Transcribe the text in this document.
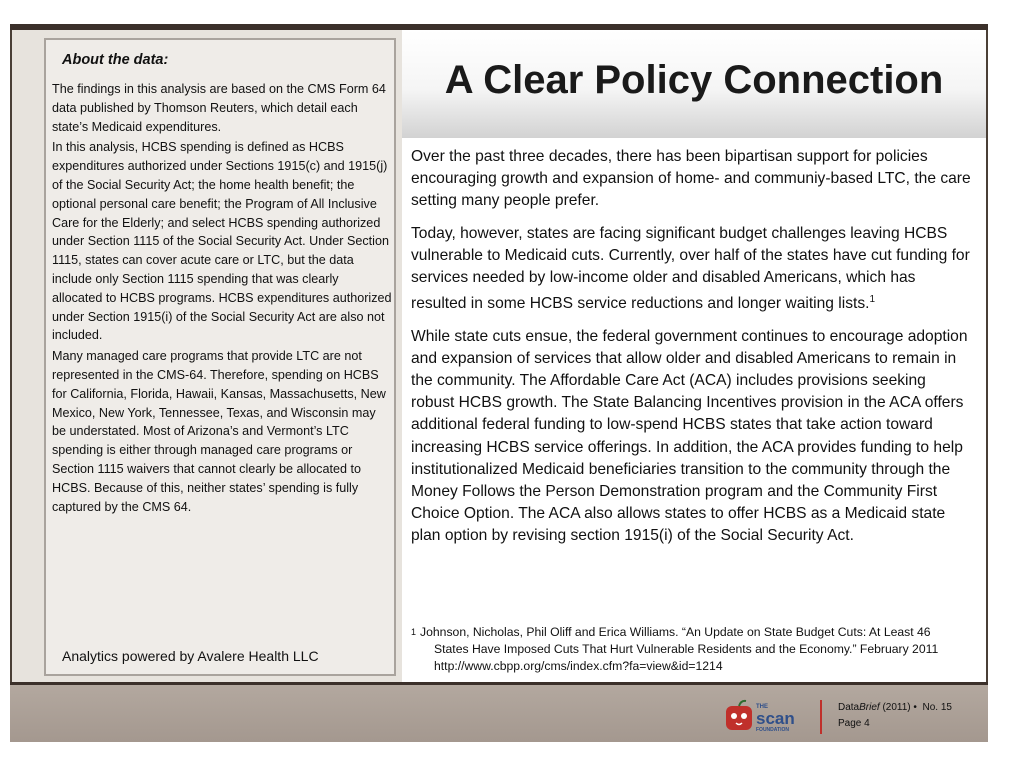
About the data:

The findings in this analysis are based on the CMS Form 64 data published by Thomson Reuters, which detail each state’s Medicaid expenditures.

In this analysis, HCBS spending is defined as HCBS expenditures authorized under Sections 1915(c) and 1915(j) of the Social Security Act; the home health benefit; the optional personal care benefit; the Program of All Inclusive Care for the Elderly; and select HCBS spending authorized under Section 1115 of the Social Security Act. Under Section 1115, states can cover acute care or LTC, but the data include only Section 1115 spending that was clearly allocated to HCBS programs. HCBS expenditures authorized under Section 1915(i) of the Social Security Act are also not included.

Many managed care programs that provide LTC are not represented in the CMS-64. Therefore, spending on HCBS for California, Florida, Hawaii, Kansas, Massachusetts, New Mexico, New York, Tennessee, Texas, and Wisconsin may be understated. Most of Arizona’s and Vermont’s LTC spending is either through managed care programs or Section 1115 waivers that cannot clearly be allocated to HCBS. Because of this, neither states’ spending is fully captured by the CMS 64.

Analytics powered by Avalere Health LLC
A Clear Policy Connection

Over the past three decades, there has been bipartisan support for policies encouraging growth and expansion of home- and communiy-based LTC, the care setting many people prefer.

Today, however, states are facing significant budget challenges leaving HCBS vulnerable to Medicaid cuts. Currently, over half of the states have cut funding for services needed by low-income older and disabled Americans, which has resulted in some HCBS service reductions and longer waiting lists.$^1$

While state cuts ensue, the federal government continues to encourage adoption and expansion of services that allow older and disabled Americans to remain in the community. The Affordable Care Act (ACA) includes provisions seeking robust HCBS growth. The State Balancing Incentives provision in the ACA offers additional federal funding to low-spend HCBS states that take action toward increasing HCBS service offerings. In addition, the ACA provides funding to help institutionalized Medicaid beneficiaries transition to the community through the Money Follows the Person Demonstration program and the Community First Choice Option. The ACA also allows states to offer HCBS as a Medicaid state plan option by revising section 1915(i) of the Social Security Act.

$^1$ Johnson, Nicholas, Phil Oliff and Erica Williams. “An Update on State Budget Cuts: At Least 46
States Have Imposed Cuts That Hurt Vulnerable Residents and the Economy.” February 2011
http://www.cbpp.org/cms/index.cfm?fa=view&id=1214
THE
scan
FOUNDATION
DataBrief (2011) • No. 15
Page 4
